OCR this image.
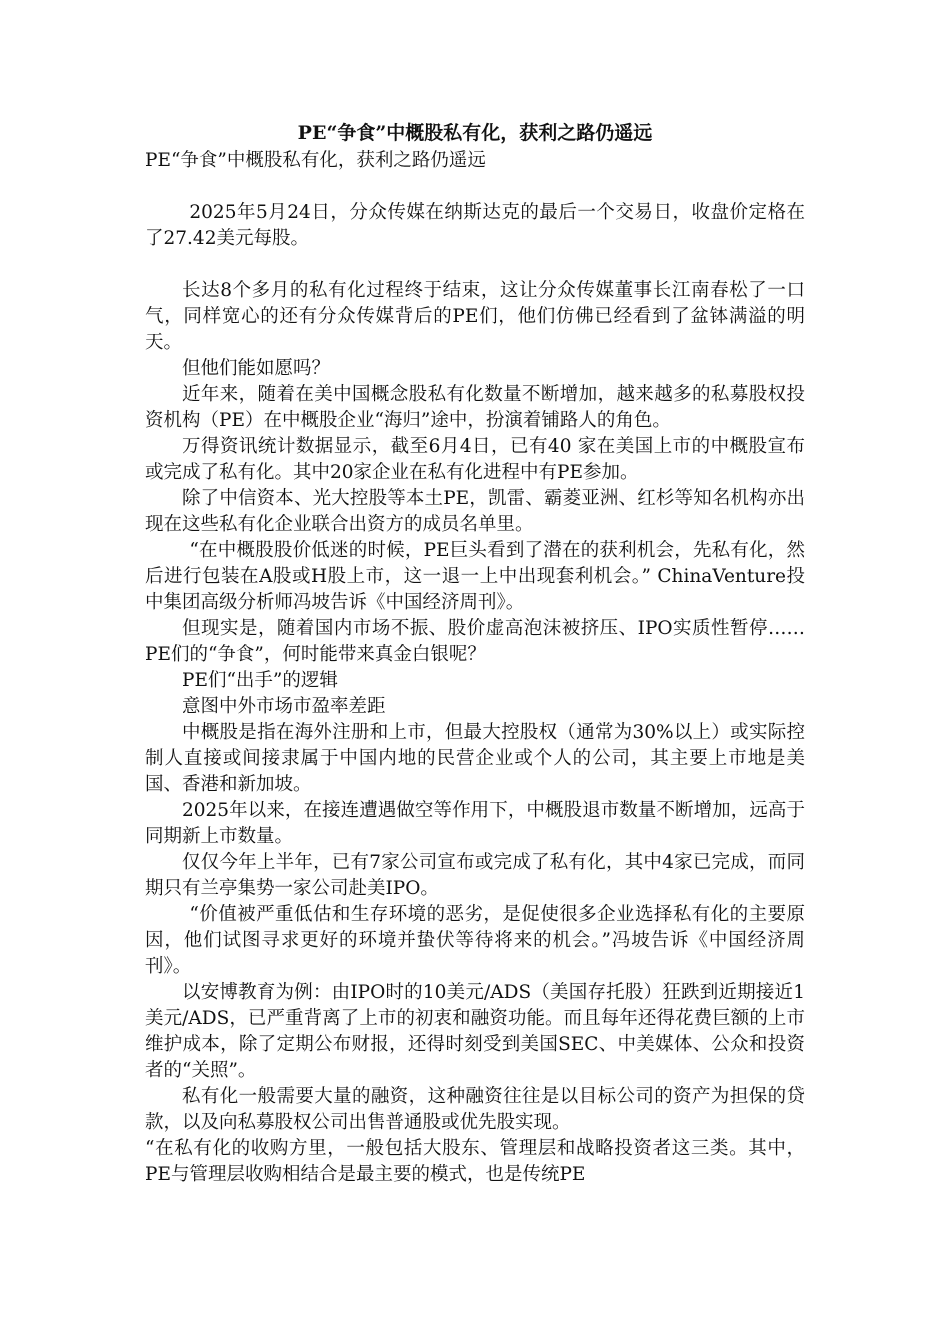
PE“争食”中概股私有化，获利之路仍遥远

PE“争食”中概股私有化，获利之路仍遥远

2025年5月24日，分众传媒在纳斯达克的最后一个交易日，收盘价定格在了27.42美元每股。

长达8个多月的私有化过程终于结束，这让分众传媒董事长江南春松了一口气，同样宽心的还有分众传媒背后的PE们，他们仿佛已经看到了盆钵满溢的明天。

但他们能如愿吗？

近年来，随着在美中国概念股私有化数量不断增加，越来越多的私募股权投资机构（PE）在中概股企业“海归”途中，扮演着铺路人的角色。

万得资讯统计数据显示，截至6月4日，已有40 家在美国上市的中概股宣布或完成了私有化。其中20家企业在私有化进程中有PE参加。

除了中信资本、光大控股等本土PE，凯雷、霸菱亚洲、红杉等知名机构亦出现在这些私有化企业联合出资方的成员名单里。

“在中概股股价低迷的时候，PE巨头看到了潜在的获利机会，先私有化，然后进行包装在A股或H股上市，这一退一上中出现套利机会。” ChinaVenture投中集团高级分析师冯坡告诉《中国经济周刊》。

但现实是，随着国内市场不振、股价虚高泡沫被挤压、IPO实质性暂停……PE们的“争食”，何时能带来真金白银呢？

PE们“出手”的逻辑

意图中外市场市盈率差距

中概股是指在海外注册和上市，但最大控股权（通常为30%以上）或实际控制人直接或间接隶属于中国内地的民营企业或个人的公司，其主要上市地是美国、香港和新加坡。

2025年以来，在接连遭遇做空等作用下，中概股退市数量不断增加，远高于同期新上市数量。

仅仅今年上半年，已有7家公司宣布或完成了私有化，其中4家已完成，而同期只有兰亭集势一家公司赴美IPO。

“价值被严重低估和生存环境的恶劣，是促使很多企业选择私有化的主要原因，他们试图寻求更好的环境并蛰伏等待将来的机会。”冯坡告诉《中国经济周刊》。

以安博教育为例：由IPO时的10美元/ADS（美国存托股）狂跌到近期接近1美元/ADS，已严重背离了上市的初衷和融资功能。而且每年还得花费巨额的上市维护成本，除了定期公布财报，还得时刻受到美国SEC、中美媒体、公众和投资者的“关照”。

私有化一般需要大量的融资，这种融资往往是以目标公司的资产为担保的贷款，以及向私募股权公司出售普通股或优先股实现。

“在私有化的收购方里，一般包括大股东、管理层和战略投资者这三类。其中，PE与管理层收购相结合是最主要的模式，也是传统PE
